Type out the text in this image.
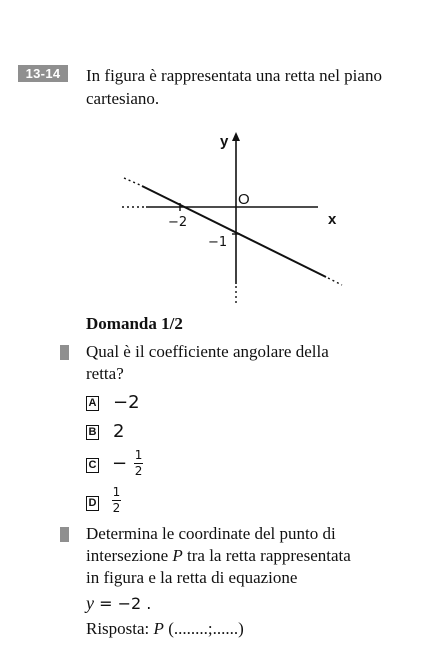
13-14	In figura è rappresentata una retta nel piano cartesiano.
y
x
O
−2
−1
Domanda 1/2
Qual è il coefficiente angolare della
retta?
A −2
B 2
$C - \frac{1}{2}$
D $\frac{1}{2}$
Determina le coordinate del punto di
intersezione P tra la retta rappresentata
in figura e la retta di equazione
y = −2 .
Risposta: P (........;......)
